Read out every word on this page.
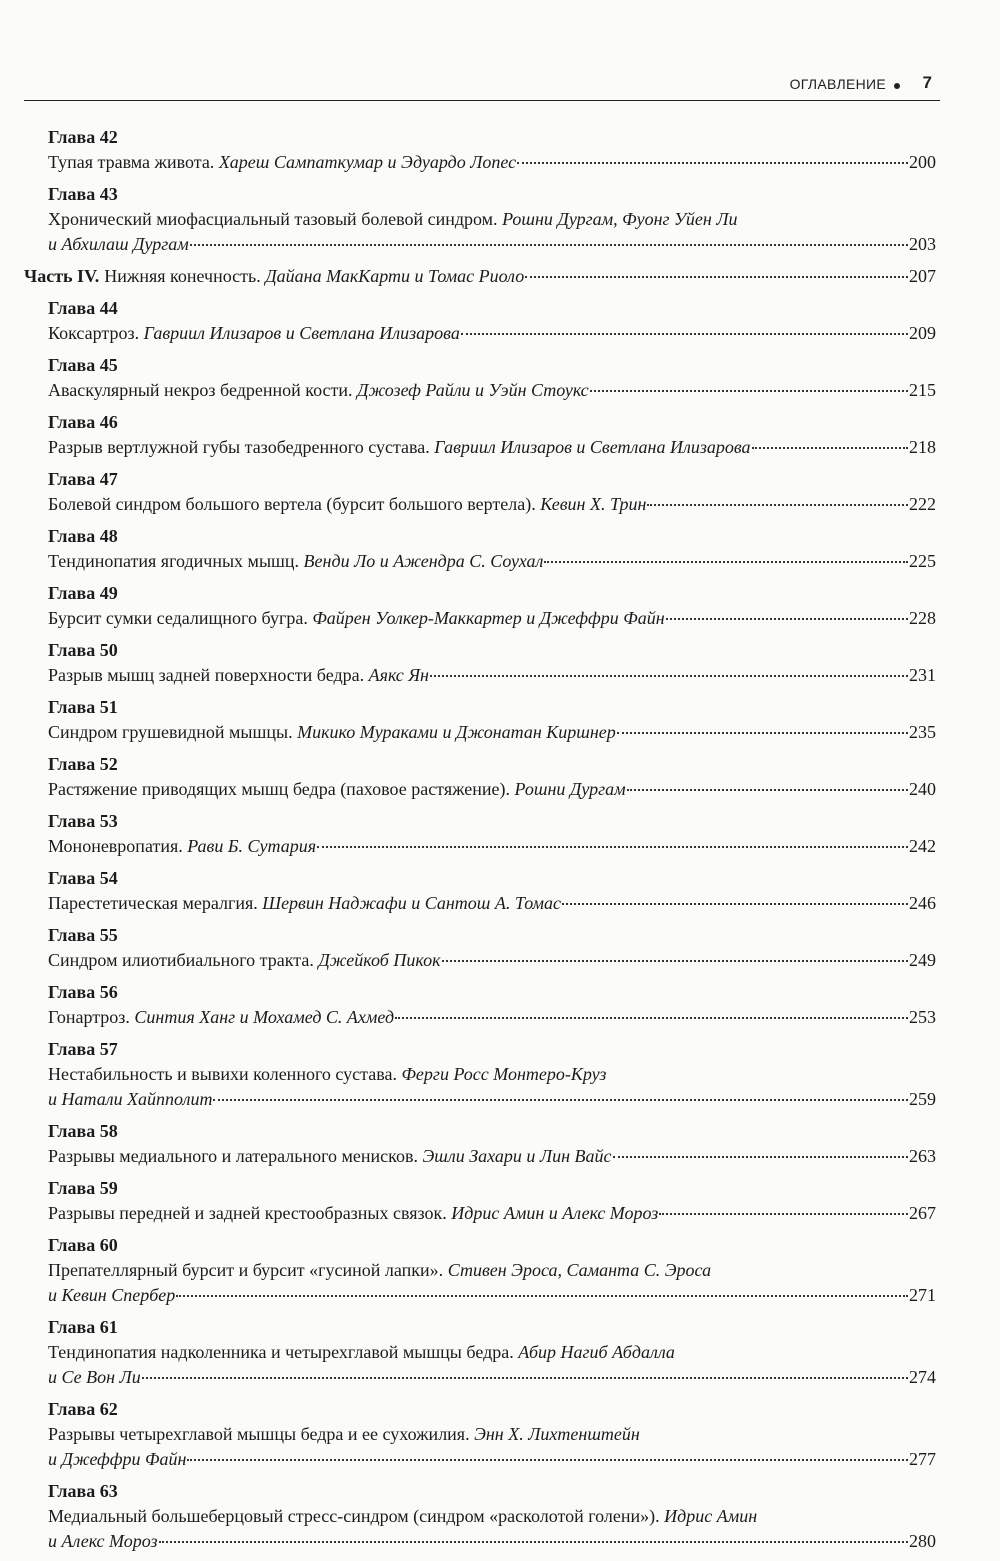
ОГЛАВЛЕНИЕ 7
Глава 42
Тупая травма живота. Хареш Сампаткумар и Эдуардо Лопес	200
Глава 43
Хронический миофасциальный тазовый болевой синдром. Рошни Дургам, Фуонг Уйен Ли
и Абхилаш Дургам	203
Часть IV. Нижняя конечность. Дайана МакКарти и Томас Риоло	207
Глава 44
Коксартроз. Гавриил Илизаров и Светлана Илизарова	209
Глава 45
Аваскулярный некроз бедренной кости. Джозеф Райли и Уэйн Стоукс	215
Глава 46
Разрыв вертлужной губы тазобедренного сустава. Гавриил Илизаров и Светлана Илизарова	218
Глава 47
Болевой синдром большого вертела (бурсит большого вертела). Кевин Х. Трин	222
Глава 48
Тендинопатия ягодичных мышц. Венди Ло и Ажендра С. Соухал	225
Глава 49
Бурсит сумки седалищного бугра. Файрен Уолкер-Маккартер и Джеффри Файн	228
Глава 50
Разрыв мышц задней поверхности бедра. Аякс Ян	231
Глава 51
Синдром грушевидной мышцы. Микико Мураками и Джонатан Киршнер	235
Глава 52
Растяжение приводящих мышц бедра (паховое растяжение). Рошни Дургам	240
Глава 53
Мононевропатия. Рави Б. Сутария	242
Глава 54
Парестетическая мералгия. Шервин Наджафи и Сантош А. Томас	246
Глава 55
Синдром илиотибиального тракта. Джейкоб Пикок	249
Глава 56
Гонартроз. Синтия Ханг и Мохамед С. Ахмед	253
Глава 57
Нестабильность и вывихи коленного сустава. Ферги Росс Монтеро-Круз
и Натали Хайпполит	259
Глава 58
Разрывы медиального и латерального менисков. Эшли Захари и Лин Вайс	263
Глава 59
Разрывы передней и задней крестообразных связок. Идрис Амин и Алекс Мороз	267
Глава 60
Препателлярный бурсит и бурсит «гусиной лапки». Стивен Эроса, Саманта С. Эроса
и Кевин Спербер	271
Глава 61
Тендинопатия надколенника и четырехглавой мышцы бедра. Абир Нагиб Абдалла
и Се Вон Ли	274
Глава 62
Разрывы четырехглавой мышцы бедра и ее сухожилия. Энн Х. Лихтенштейн
и Джеффри Файн	277
Глава 63
Медиальный большеберцовый стресс-синдром (синдром «расколотой голени»). Идрис Амин
и Алекс Мороз	280
